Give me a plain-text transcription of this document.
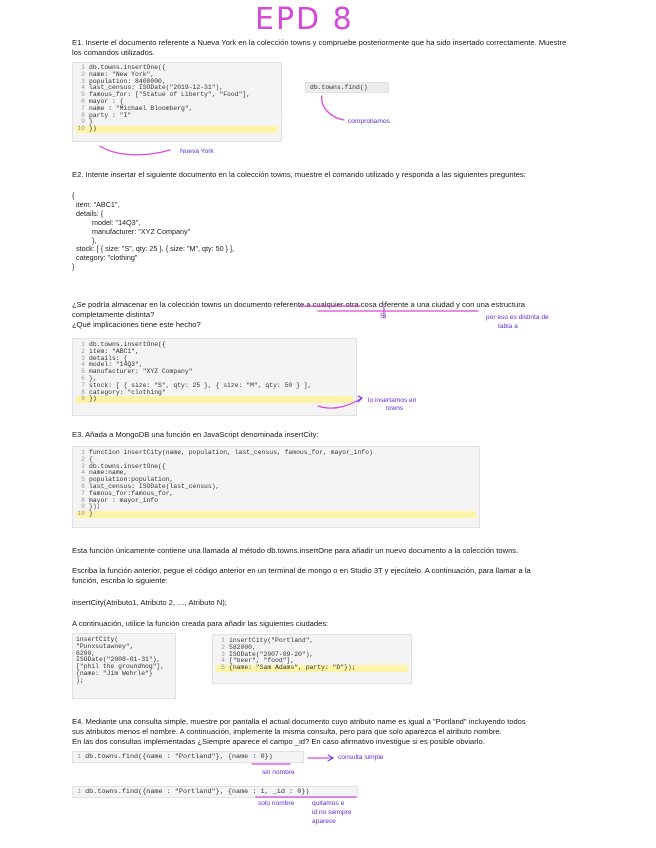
EPD 8
E1. Inserte el documento referente a Nueva York en la colección towns y compruebe posteriormente que ha sido insertado correctamente. Muestre los comandos utilizados.
1 db.towns.insertOne({
2 name: "New York",
3 population: 8400000,
4 last_census: ISODate("2019-12-31"),
5 famous_for: ["Statue of Liberty", "Food"],
6 mayor : {
7 name : "Michael Bloomberg",
8 party : "I"
9 }
10 })
db.towns.find()
comprobamos
Nueva York
E2. Intente insertar el siguiente documento en la colección towns, muestre el comando utilizado y responda a las siguientes preguntes:
{
item: "ABC1",
details: {
model: "14Q3",
manufacturer: "XYZ Company"
},
stock: [ { size: "S", qty: 25 }, { size: "M", qty: 50 } ],
category: "clothing"
}
¿Se podría almacenar en la colección towns un documento referente a cualquier otra cosa diferente a una ciudad y con una estructura completamente distinta?
¿Qué implicaciones tiene este hecho?
1 db.towns.insertOne({
2 item: "ABC1",
3 details: {
4 model: "14Q3",
5 manufacturer: "XYZ Company"
6 },
7 stock: [ { size: "S", qty: 25 }, { size: "M", qty: 50 } ],
8 category: "clothing"
9 })
Sí	por eso es distinta de
tabla a
lo insertamos en
towns
E3. Añada a MongoDB una función en JavaScript denominada insertCity:
1 function insertCity(name, population, last_census, famous_for, mayor_info)
2 {
3 db.towns.insertOne({
4 name:name,
5 population:population,
6 last_census: ISODate(last_census),
7 famous_for:famous_for,
8 mayor : mayor_info
9 });
10 }
Esta función únicamente contiene una llamada al método db.towns.insertOne para añadir un nuevo documento a la colección towns.
Escriba la función anterior, pegue el código anterior en un terminal de mongo o en Studio 3T y ejecútelo. A continuación, para llamar a la función, escriba lo siguiente:
insertCity(Atributo1, Atributo 2, …, Atributo N);
A continuación, utilice la función creada para añadir las siguientes ciudades:
insertCity(
"Punxsutawney",
6200,
ISODate("2008-01-31"),
["phil the groundhog"],
{name: "Jim Wehrle"}
);
1 insertCity("Portland",
2 582000,
3 ISODate("2007-09-20"),
4 ["beer", "food"],
5 {name: "Sam Adams", party: "D"});
E4. Mediante una consulta simple, muestre por pantalla el actual documento cuyo atributo name es igual a "Portland" incluyendo todos
sus atributos menos el nombre. A continuación, implemente la misma consulta, pero para que solo aparezca el atributo nombre.
En las dos consultas implementadas ¿Siempre aparece el campo _id? En caso afirmativo investigue si es posible obviarlo.
1 db.towns.find({name : "Portland"}, {name : 0})
1 db.towns.find({name : "Portland"}, {name : 1, _id : 0})
consulta simple
sin nombre
solo nombre	quitamos e
id no siempre
aparece
